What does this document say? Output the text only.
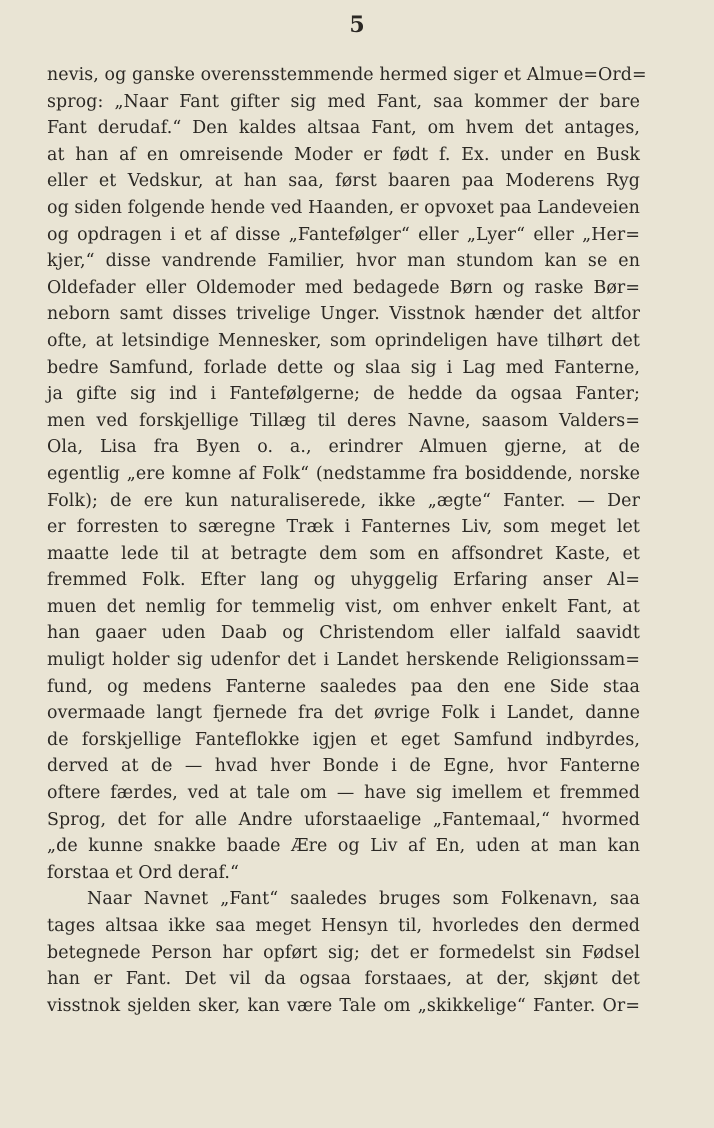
5
nevis, og ganske overensstemmende hermed siger et Almue=Ord=
sprog: „Naar Fant gifter sig med Fant, saa kommer der bare
Fant derudaf.“ Den kaldes altsaa Fant, om hvem det antages,
at han af en omreisende Moder er født f. Ex. under en Busk
eller et Vedskur, at han saa, først baaren paa Moderens Ryg
og siden folgende hende ved Haanden, er opvoxet paa Landeveien
og opdragen i et af disse „Fantefølger“ eller „Lyer“ eller „Her=
kjer,“ disse vandrende Familier, hvor man stundom kan se en
Oldefader eller Oldemoder med bedagede Børn og raske Bør=
neborn samt disses trivelige Unger. Visstnok hænder det altfor
ofte, at letsindige Mennesker, som oprindeligen have tilhørt det
bedre Samfund, forlade dette og slaa sig i Lag med Fanterne,
ja gifte sig ind i Fantefølgerne; de hedde da ogsaa Fanter;
men ved forskjellige Tillæg til deres Navne, saasom Valders=
Ola, Lisa fra Byen o. a., erindrer Almuen gjerne, at de
egentlig „ere komne af Folk“ (nedstamme fra bosiddende, norske
Folk); de ere kun naturaliserede, ikke „ægte“ Fanter. — Der
er forresten to særegne Træk i Fanternes Liv, som meget let
maatte lede til at betragte dem som en affsondret Kaste, et
fremmed Folk. Efter lang og uhyggelig Erfaring anser Al=
muen det nemlig for temmelig vist, om enhver enkelt Fant, at
han gaaer uden Daab og Christendom eller ialfald saavidt
muligt holder sig udenfor det i Landet herskende Religionssam=
fund, og medens Fanterne saaledes paa den ene Side staa
overmaade langt fjernede fra det øvrige Folk i Landet, danne
de forskjellige Fanteflokke igjen et eget Samfund indbyrdes,
derved at de — hvad hver Bonde i de Egne, hvor Fanterne
oftere færdes, ved at tale om — have sig imellem et fremmed
Sprog, det for alle Andre uforstaaelige „Fantemaal,“ hvormed
„de kunne snakke baade Ære og Liv af En, uden at man kan
forstaa et Ord deraf.“
Naar Navnet „Fant“ saaledes bruges som Folkenavn, saa
tages altsaa ikke saa meget Hensyn til, hvorledes den dermed
betegnede Person har opført sig; det er formedelst sin Fødsel
han er Fant. Det vil da ogsaa forstaaes, at der, skjønt det
visstnok sjelden sker, kan være Tale om „skikkelige“ Fanter. Or=
